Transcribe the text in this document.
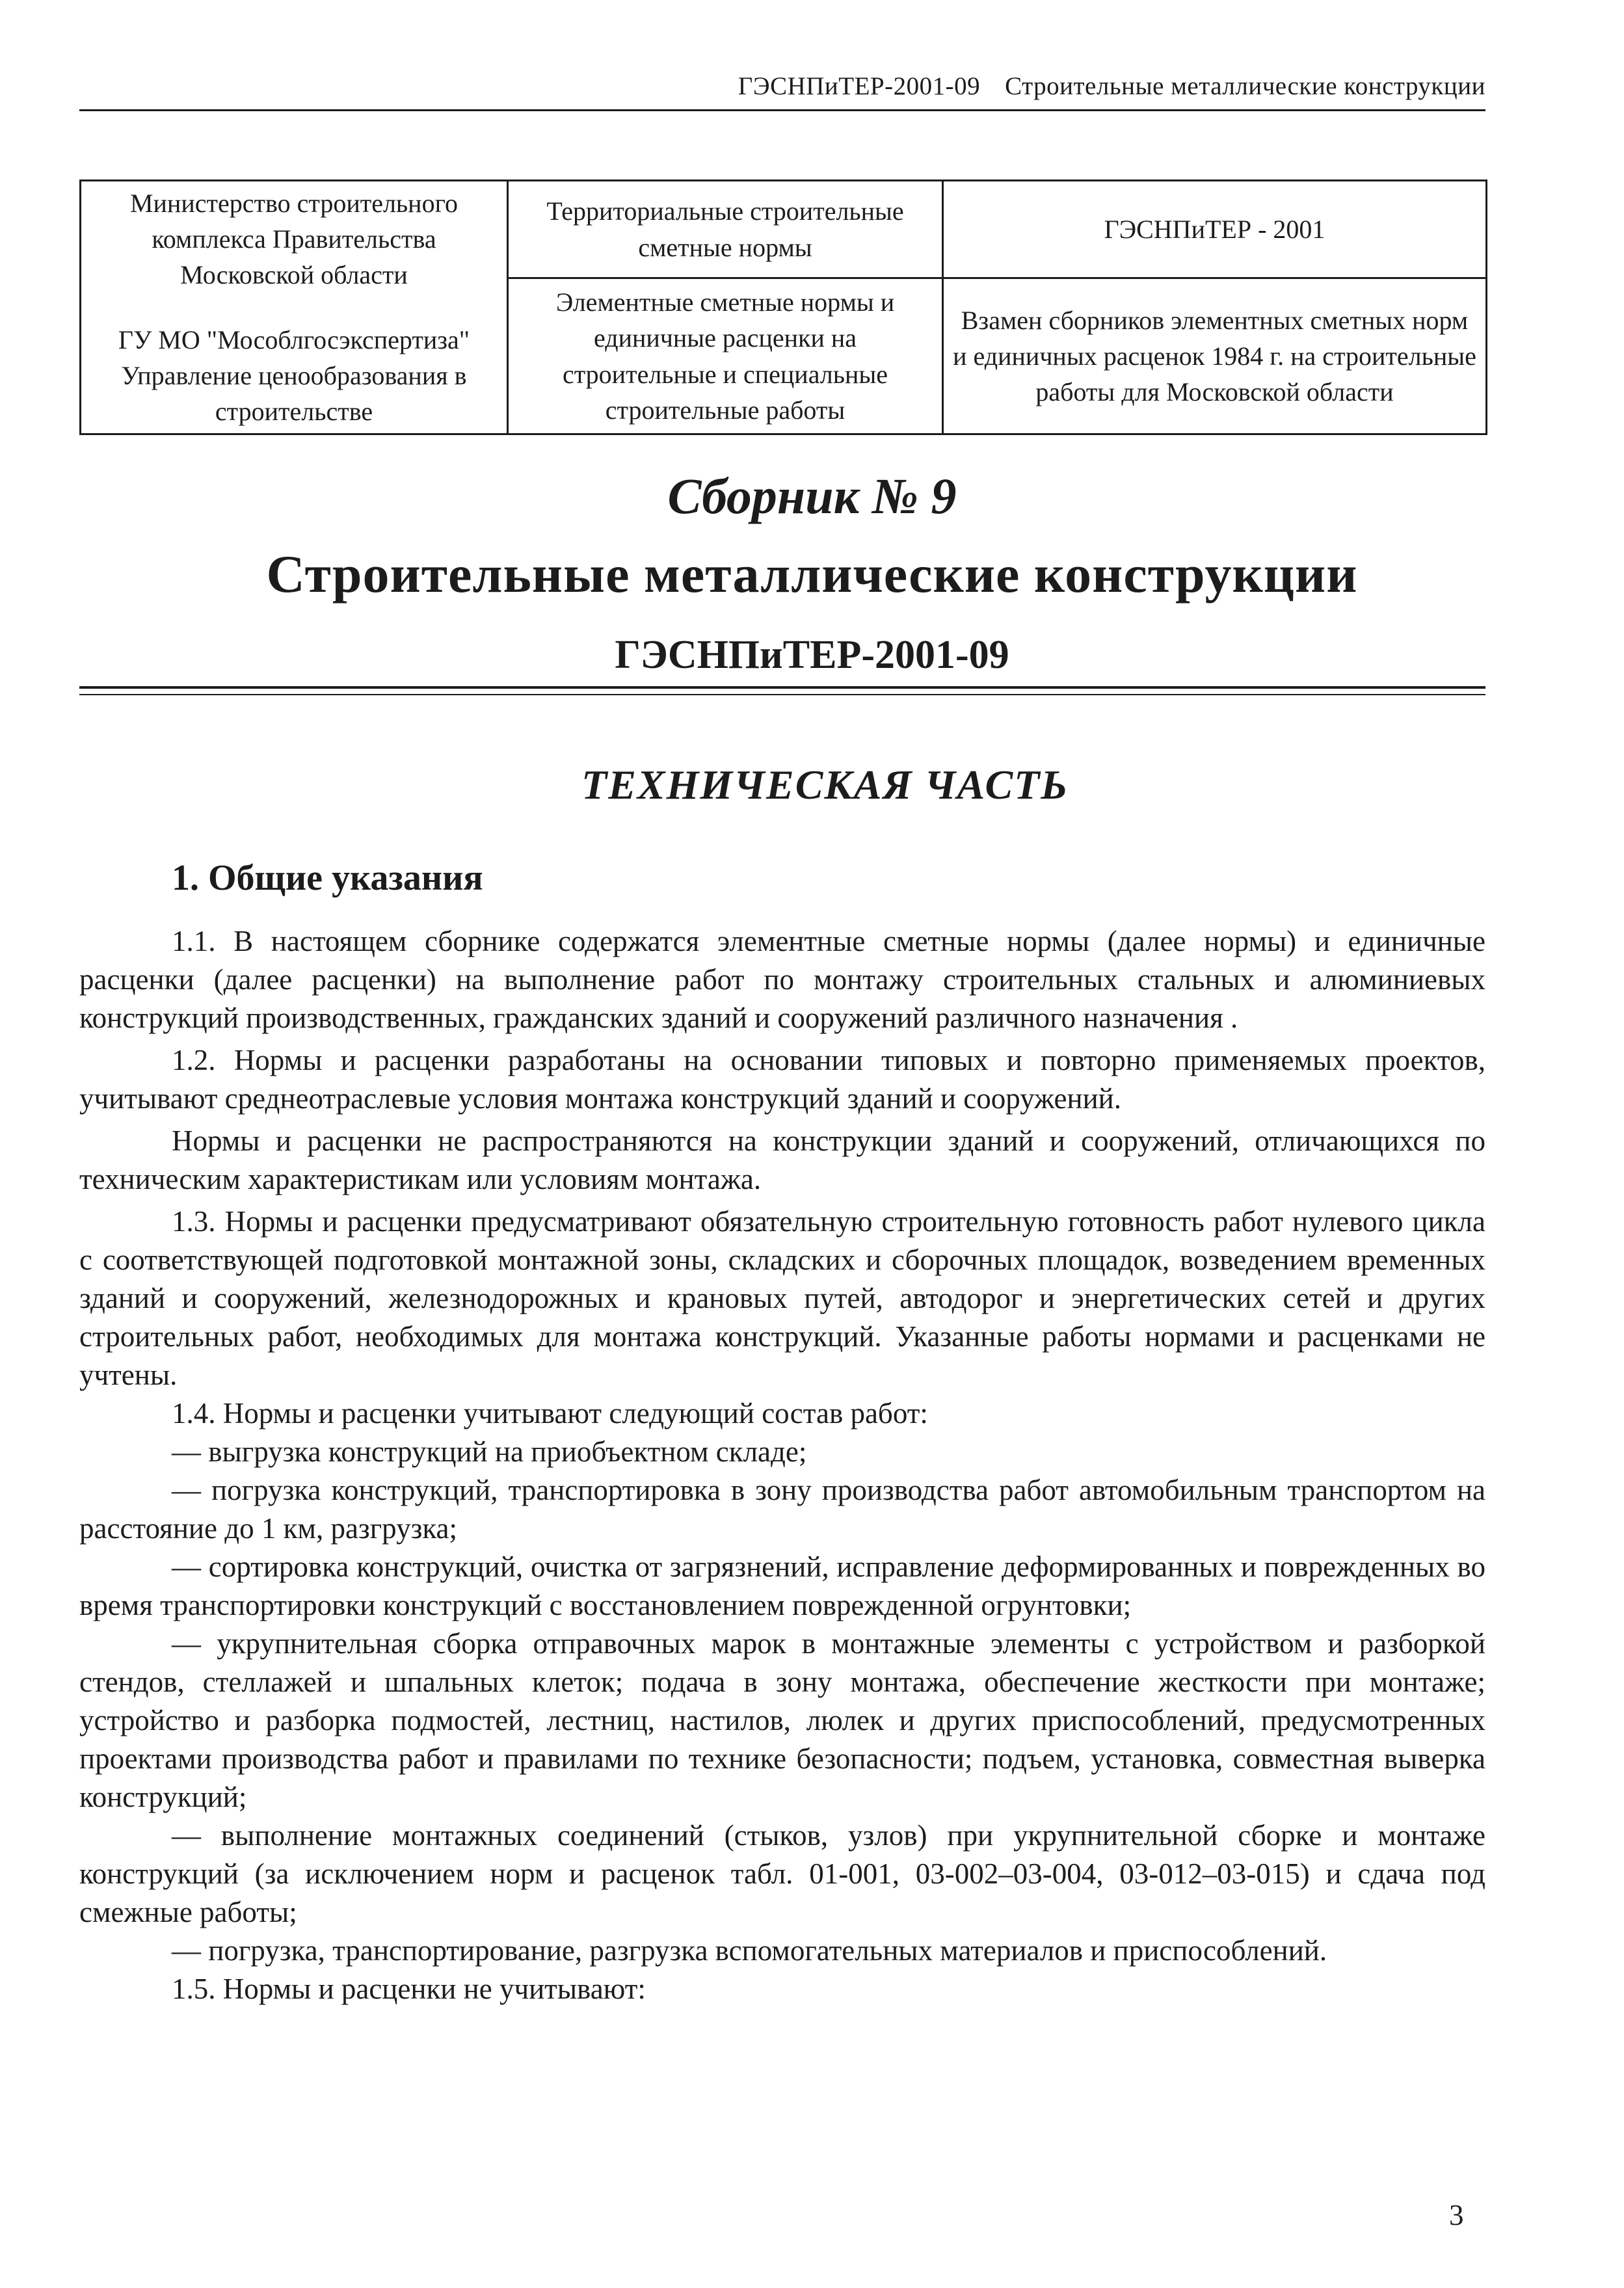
ГЭСНПиТЕР-2001-09 Строительные металлические конструкции
Министерство строительного комплекса Правительства Московской области
ГУ МО "Мособлгосэкспертиза" Управление ценообразования в строительстве	Территориальные строительные сметные нормы	ГЭСНПиТЕР - 2001
	Элементные сметные нормы и единичные расценки на строительные и специальные строительные работы	Взамен сборников элементных сметных норм и единичных расценок 1984 г. на строительные работы для Московской области
Сборник № 9
Строительные металлические конструкции
ГЭСНПиТЕР-2001-09
ТЕХНИЧЕСКАЯ ЧАСТЬ
1. Общие указания

1.1. В настоящем сборнике содержатся элементные сметные нормы (далее нормы) и единичные расценки (далее расценки) на выполнение работ по монтажу строительных стальных и алюминиевых конструкций производственных, гражданских зданий и сооружений различного назначения .

1.2. Нормы и расценки разработаны на основании типовых и повторно применяемых проектов, учитывают среднеотраслевые условия монтажа конструкций зданий и сооружений.

Нормы и расценки не распространяются на конструкции зданий и сооружений, отличающихся по техническим характеристикам или условиям монтажа.

1.3. Нормы и расценки предусматривают обязательную строительную готовность работ нулевого цикла с соответствующей подготовкой монтажной зоны, складских и сборочных площадок, возведением временных зданий и сооружений, железнодорожных и крановых путей, автодорог и энергетических сетей и других строительных работ, необходимых для монтажа конструкций. Указанные работы нормами и расценками не учтены.

1.4. Нормы и расценки учитывают следующий состав работ:

— выгрузка конструкций на приобъектном складе;

— погрузка конструкций, транспортировка в зону производства работ автомобильным транспортом на расстояние до 1 км, разгрузка;

— сортировка конструкций, очистка от загрязнений, исправление деформированных и поврежденных во время транспортировки конструкций с восстановлением поврежденной огрунтовки;

— укрупнительная сборка отправочных марок в монтажные элементы с устройством и разборкой стендов, стеллажей и шпальных клеток; подача в зону монтажа, обеспечение жесткости при монтаже; устройство и разборка подмостей, лестниц, настилов, люлек и других приспособлений, предусмотренных проектами производства работ и правилами по технике безопасности; подъем, установка, совместная выверка конструкций;

— выполнение монтажных соединений (стыков, узлов) при укрупнительной сборке и монтаже конструкций (за исключением норм и расценок табл. 01-001, 03-002–03-004, 03-012–03-015) и сдача под смежные работы;

— погрузка, транспортирование, разгрузка вспомогательных материалов и приспособлений.

1.5. Нормы и расценки не учитывают:

3
